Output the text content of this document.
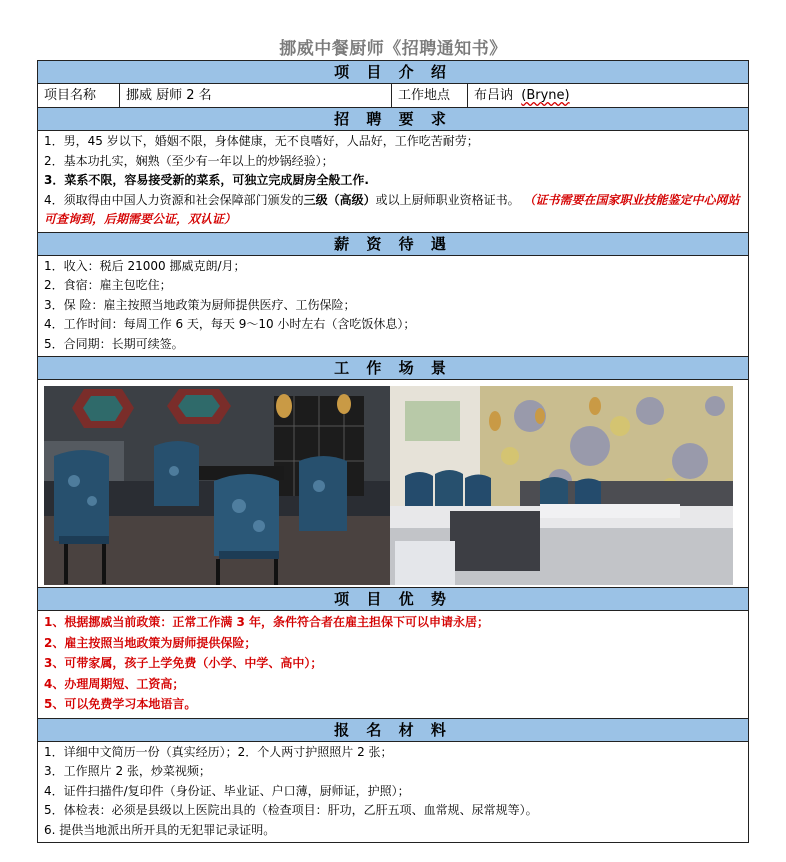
挪威中餐厨师《招聘通知书》
项 目 介 绍
项目名称	挪威 厨师 2 名	工作地点	布吕讷 (Bryne)
招 聘 要 求
1．男，45 岁以下，婚姻不限，身体健康，无不良嗜好，人品好，工作吃苦耐劳；
2．基本功扎实，娴熟（至少有一年以上的炒锅经验）；
3．菜系不限，容易接受新的菜系，可独立完成厨房全般工作.
4．须取得由中国人力资源和社会保障部门颁发的三级（高级）或以上厨师职业资格证书。 （证书需要在国家职业技能鉴定中心网站可查询到，后期需要公证，双认证）
薪 资 待 遇
1．收入：税后 21000 挪威克朗/月；
2．食宿：雇主包吃住；
3．保 险：雇主按照当地政策为厨师提供医疗、工伤保险；
4．工作时间：每周工作 6 天，每天 9～10 小时左右（含吃饭休息）；
5．合同期：长期可续签。
工 作 场 景
项 目 优 势
1、根据挪威当前政策：正常工作满 3 年，条件符合者在雇主担保下可以申请永居；
2、雇主按照当地政策为厨师提供保险；
3、可带家属，孩子上学免费（小学、中学、高中）；
4、办理周期短、工资高；
5、可以免费学习本地语言。
报 名 材 料
1．详细中文简历一份（真实经历）；2．个人两寸护照照片 2 张；
3．工作照片 2 张，炒菜视频；
4．证件扫描件/复印件（身份证、毕业证、户口薄，厨师证，护照）；
5．体检表：必须是县级以上医院出具的（检查项目：肝功，乙肝五项、血常规、尿常规等）。
6. 提供当地派出所开具的无犯罪记录证明。
